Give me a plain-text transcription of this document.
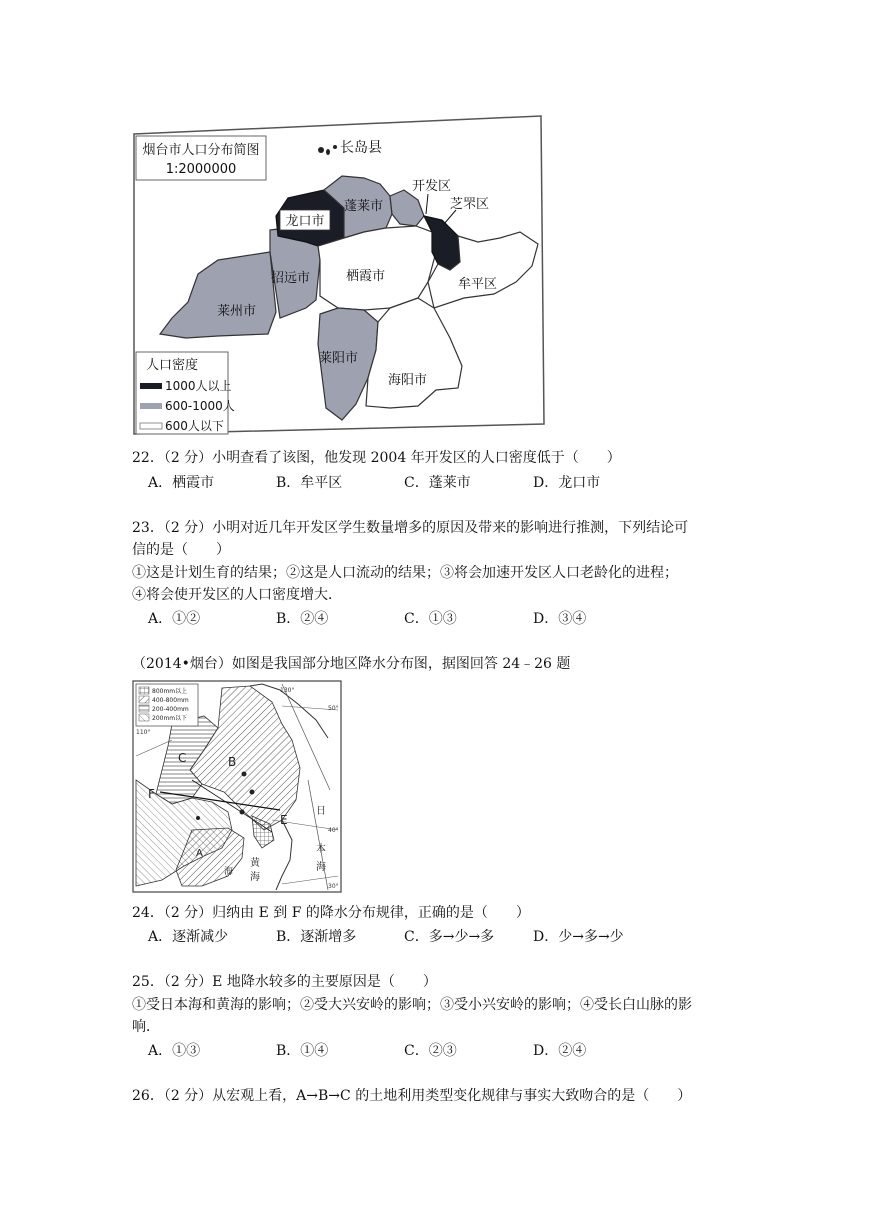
烟台市人口分布简图
1:2000000
长岛县
开发区
芝罘区
龙口市
蓬莱市
招远市	栖霞市
牟平区
莱州市
莱阳市
海阳市
人口密度
1000人以上
600-1000人
600人以下
22．（2 分）小明查看了该图，他发现 2004 年开发区的人口密度低于（　　）
A．栖霞市	B．牟平区	C．蓬莱市	D．龙口市
23．（2 分）小明对近几年开发区学生数量增多的原因及带来的影响进行推测，下列结论可
信的是（　　）
①这是计划生育的结果；②这是人口流动的结果；③将会加速开发区人口老龄化的进程；
④将会使开发区的人口密度增大．
A．①②	B．②④	C．①③	D．③④
（2014•烟台）如图是我国部分地区降水分布图，据图回答 24﹣26 题
800mm以上
400-800mm
200-400mm
200mm以下
C	B
F
E
A
日
本
海
黄
海
海
130°
110°
50°
40°
30°
24．（2 分）归纳由 E 到 F 的降水分布规律，正确的是（　　）
A．逐渐减少	B．逐渐增多	C．多→少→多	D．少→多→少
25．（2 分）E 地降水较多的主要原因是（　　）
①受日本海和黄海的影响；②受大兴安岭的影响；③受小兴安岭的影响；④受长白山脉的影
响．
A．①③	B．①④	C．②③	D．②④
26．（2 分）从宏观上看，A→B→C 的土地利用类型变化规律与事实大致吻合的是（　　）
